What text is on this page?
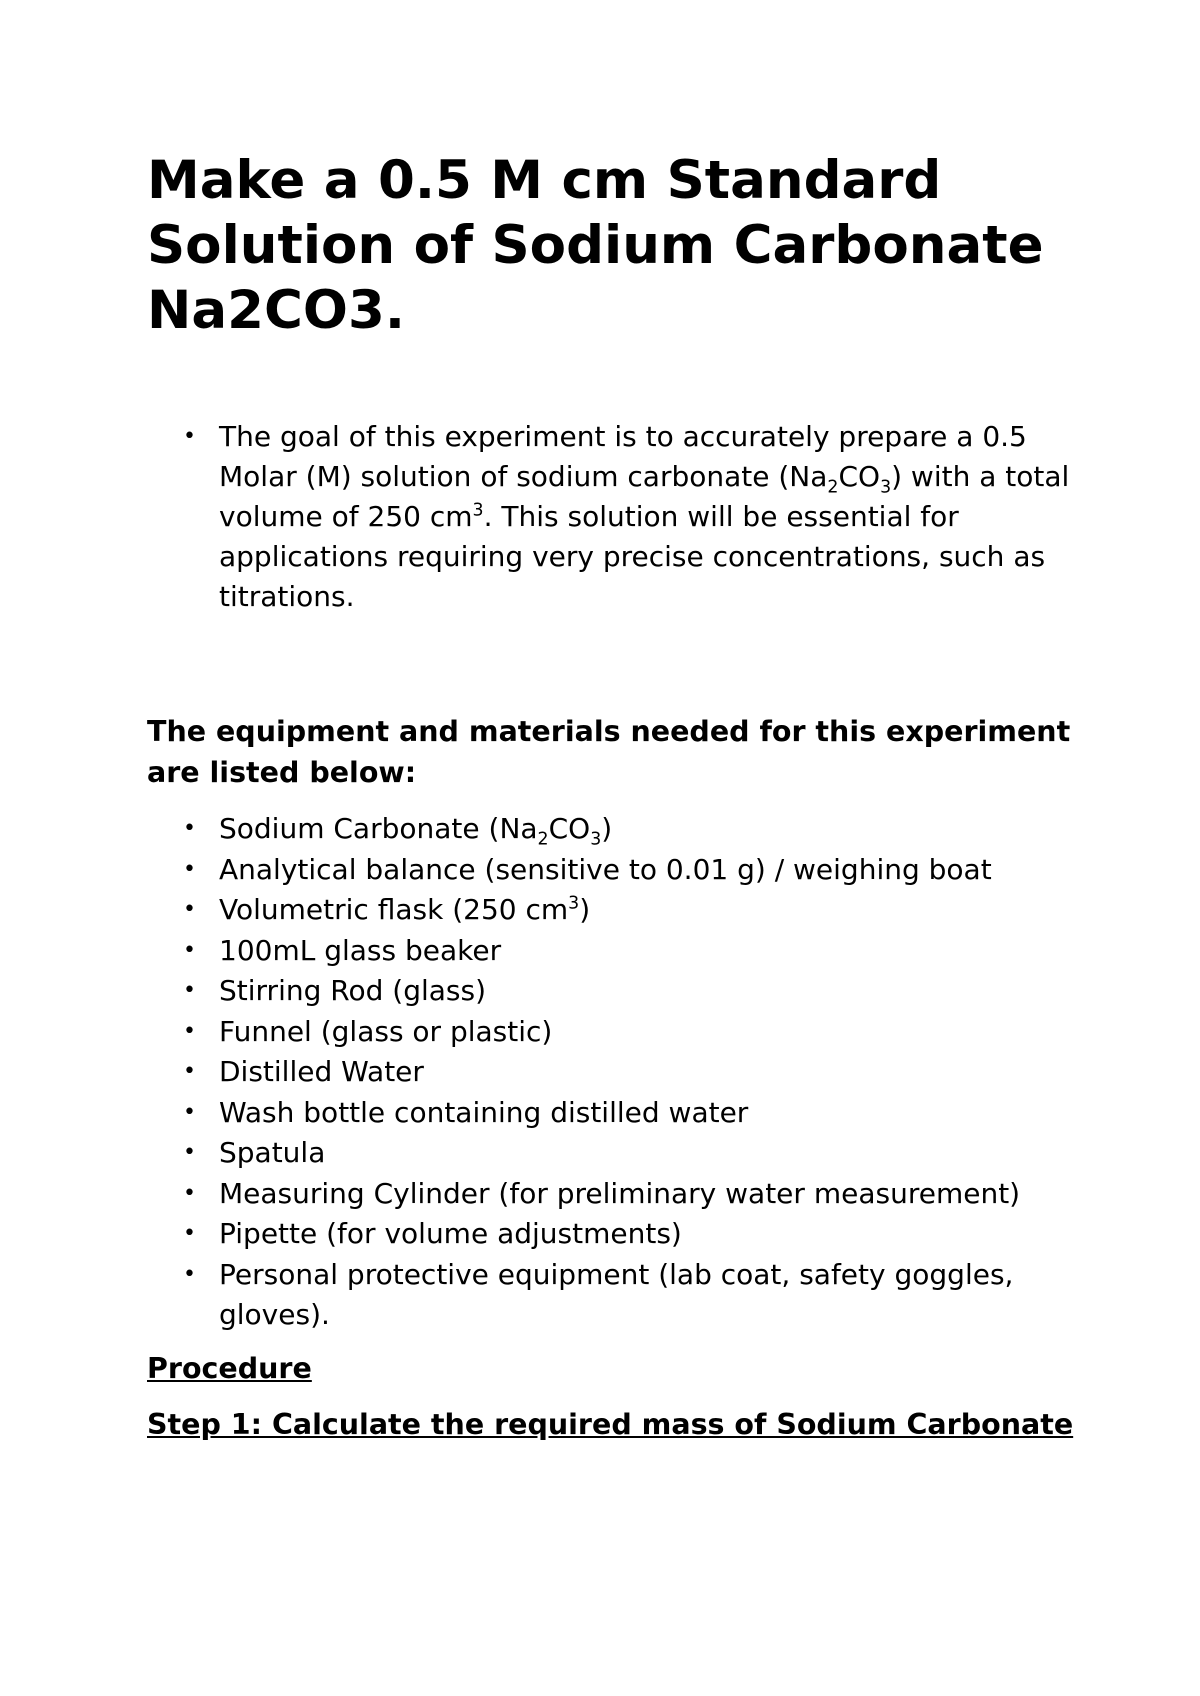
Make a 0.5 M cm Standard Solution of Sodium Carbonate Na2CO3.
• The goal of this experiment is to accurately prepare a 0.5 Molar (M) solution of sodium carbonate $(Na_2CO_3)$ with a total volume of 250 $cm^3$. This solution will be essential for applications requiring very precise concentrations, such as titrations.
The equipment and materials needed for this experiment are listed below:
• Sodium Carbonate $(Na_2CO_3)$
• Analytical balance (sensitive to 0.01 g) / weighing boat
• Volumetric flask (250 $cm^3$)
• 100mL glass beaker
• Stirring Rod (glass)
• Funnel (glass or plastic)
• Distilled Water
• Wash bottle containing distilled water
• Spatula
• Measuring Cylinder (for preliminary water measurement)
• Pipette (for volume adjustments)
• Personal protective equipment (lab coat, safety goggles, gloves).
Procedure
Step 1: Calculate the required mass of Sodium Carbonate
